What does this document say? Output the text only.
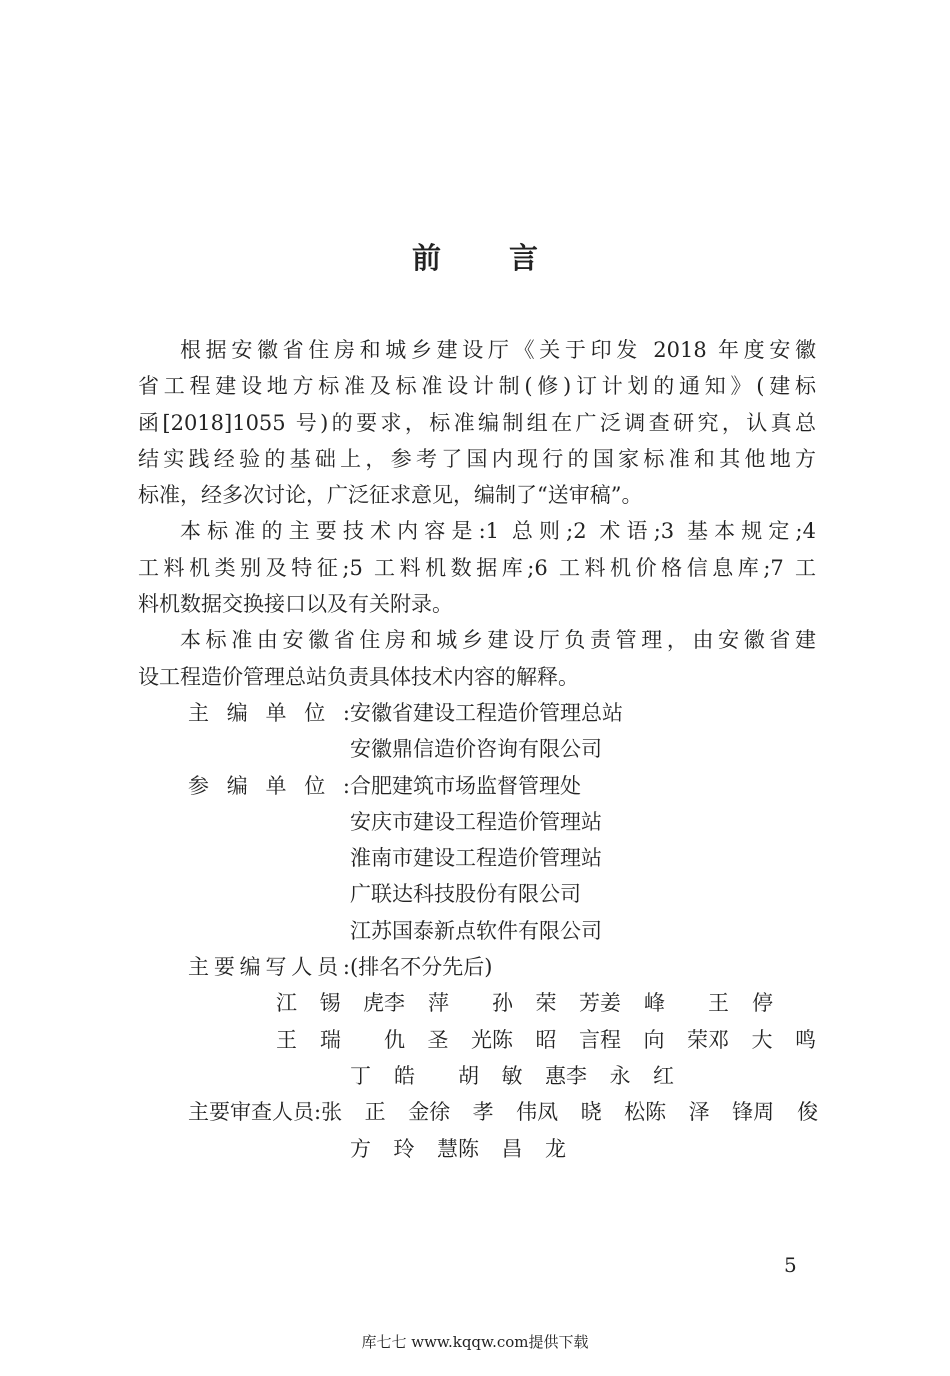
前 言
根据安徽省住房和城乡建设厅《关于印发 2018 年度安徽
省工程建设地方标准及标准设计制(修)订计划的通知》(建标
函[2018]1055 号)的要求，标准编制组在广泛调查研究，认真总
结实践经验的基础上，参考了国内现行的国家标准和其他地方
标准，经多次讨论，广泛征求意见，编制了“送审稿”。
本标准的主要技术内容是:1 总则;2 术语;3 基本规定;4
工料机类别及特征;5 工料机数据库;6 工料机价格信息库;7 工
料机数据交换接口以及有关附录。
本标准由安徽省住房和城乡建设厅负责管理，由安徽省建
设工程造价管理总站负责具体技术内容的解释。
主编单位: 安徽省建设工程造价管理总站
安徽鼎信造价咨询有限公司
参编单位: 合肥建筑市场监督管理处
安庆市建设工程造价管理站
淮南市建设工程造价管理站
广联达科技股份有限公司
江苏国泰新点软件有限公司
主要编写人员: (排名不分先后)
江锡虎 李萍 孙荣芳 姜峰 王停
王瑞 仇圣光 陈昭言 程向荣 邓大鸣
丁皓 胡敏惠 李永红
主要审查人员: 张正金 徐孝伟 凤晓松 陈泽锋 周俊
方玲慧 陈昌龙
5
库七七 www.kqqw.com提供下载
